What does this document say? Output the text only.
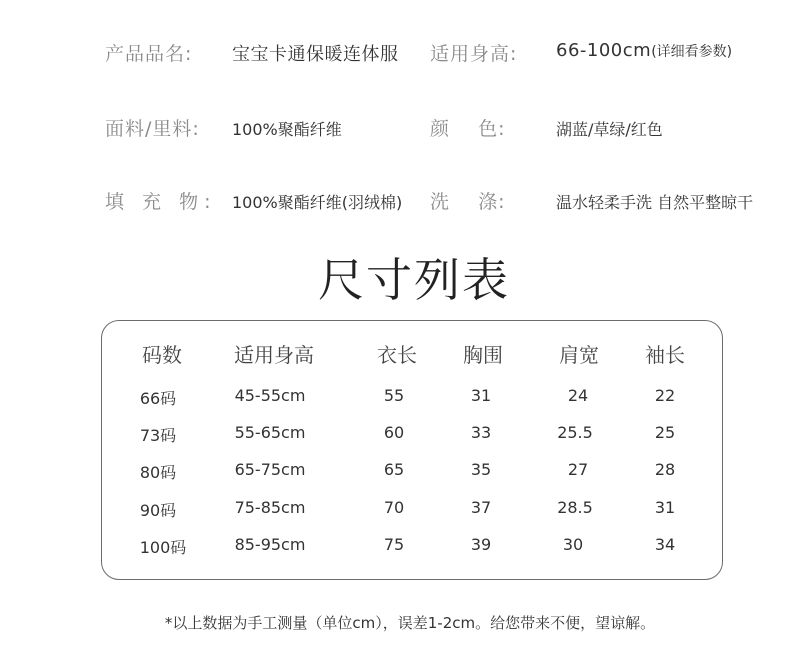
产品品名: 宝宝卡通保暖连体服 适用身高: 66-100cm(详细看参数)
面料/里料: 100%聚酯纤维	颜    色:	湖蓝/草绿/红色
填 充 物: 100%聚酯纤维(羽绒棉) 洗    涤:	温水轻柔手洗 自然平整晾干
尺寸列表
码数	适用身高	衣长 胸围	肩宽 袖长
66码	45-55cm	55	31	24	22
73码	55-65cm	60	33	25.5	25
80码	65-75cm	65	35	27	28
90码	75-85cm	70	37	28.5	31
100码	85-95cm	75	39	30	34
*以上数据为手工测量（单位cm），误差1-2cm。给您带来不便，望谅解。
